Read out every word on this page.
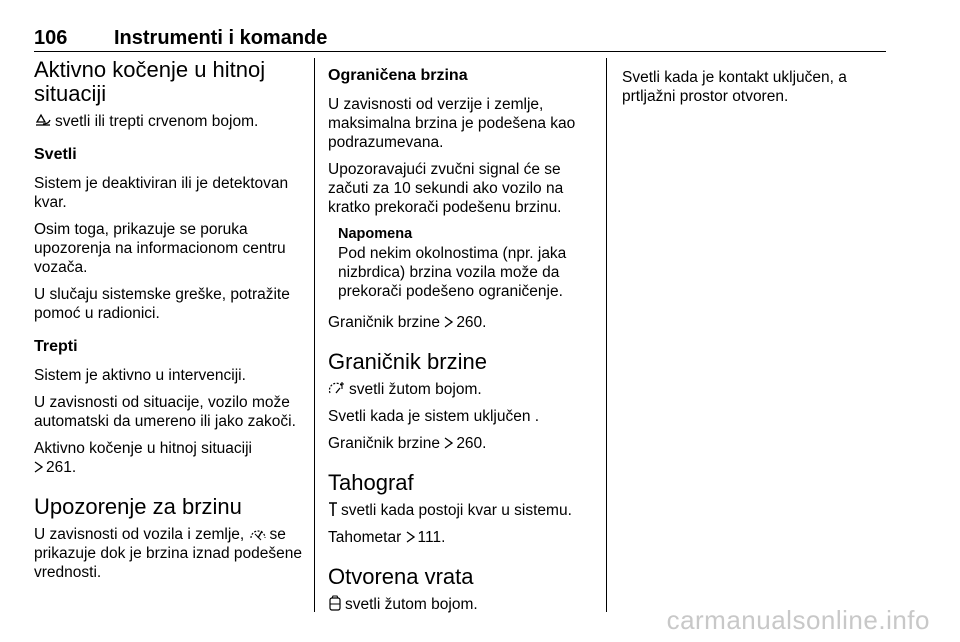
106 Instrumenti i komande
Aktivno kočenje u hitnoj situaciji
svetli ili trepti crvenom bojom.
Svetli
Sistem je deaktiviran ili je detektovan kvar.
Osim toga, prikazuje se poruka upozorenja na informacionom centru vozača.
U slučaju sistemske greške, potražite pomoć u radionici.
Trepti
Sistem je aktivno u intervenciji.
U zavisnosti od situacije, vozilo može automatski da umereno ili jako zakoči.
Aktivno kočenje u hitnoj situaciji

261.
Upozorenje za brzinu
U zavisnosti od vozila i zemlje, se prikazuje dok je brzina iznad podešene vrednosti.
Ograničena brzina
U zavisnosti od verzije i zemlje, maksimalna brzina je podešena kao podrazumevana.
Upozoravajući zvučni signal će se začuti za 10 sekundi ako vozilo na kratko prekorači podešenu brzinu.
Napomena
Pod nekim okolnostima (npr. jaka nizbrdica) brzina vozila može da prekorači podešeno ograničenje.
Graničnik brzine 260.
Graničnik brzine
svetli žutom bojom.
Svetli kada je sistem uključen .
Graničnik brzine 260.
Tahograf
svetli kada postoji kvar u sistemu.
Tahometar 111.
Otvorena vrata
svetli žutom bojom.
Svetli kada je kontakt uključen, a prtljažni prostor otvoren.
carmanualsonline.info
